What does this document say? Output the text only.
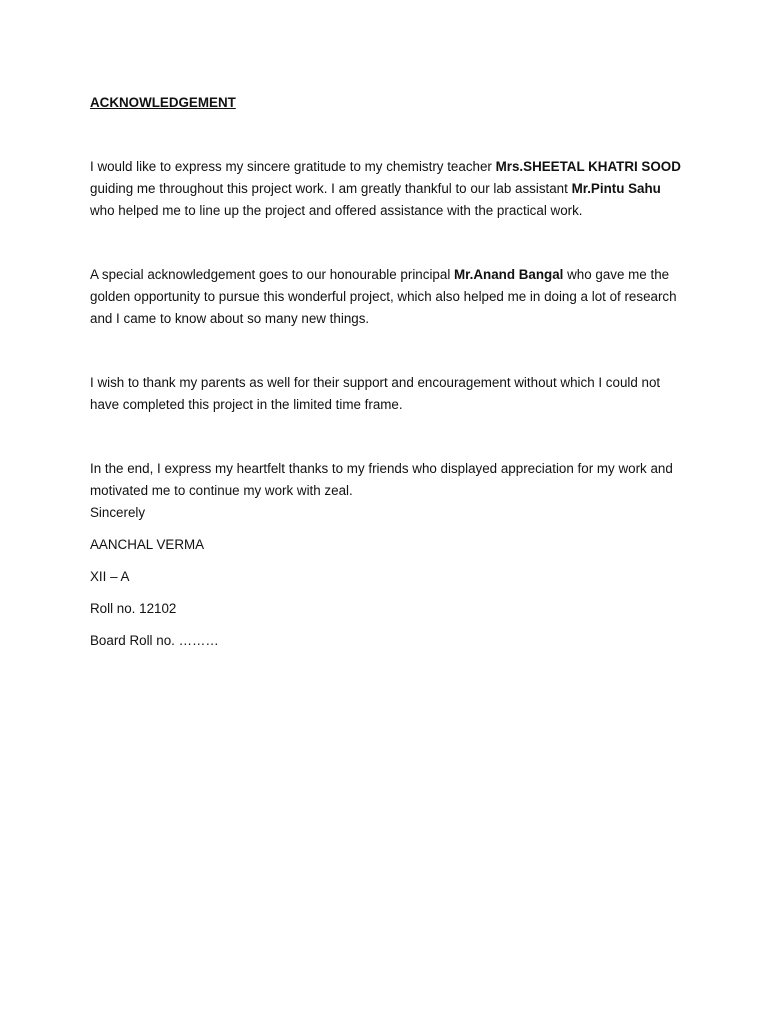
ACKNOWLEDGEMENT

I would like to express my sincere gratitude to my chemistry teacher Mrs.SHEETAL KHATRI SOOD guiding me throughout this project work. I am greatly thankful to our lab assistant Mr.Pintu Sahu who helped me to line up the project and offered assistance with the practical work.

A special acknowledgement goes to our honourable principal Mr.Anand Bangal who gave me the golden opportunity to pursue this wonderful project, which also helped me in doing a lot of research and I came to know about so many new things.

I wish to thank my parents as well for their support and encouragement without which I could not have completed this project in the limited time frame.

In the end, I express my heartfelt thanks to my friends who displayed appreciation for my work and motivated me to continue my work with zeal.

Sincerely

AANCHAL VERMA

XII – A

Roll no. 12102

Board Roll no. ………
